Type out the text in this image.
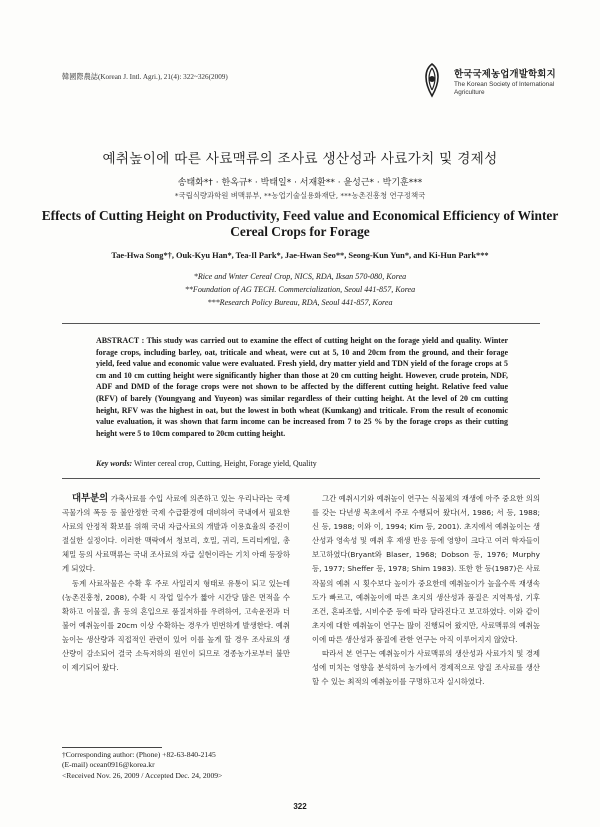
韓國際農誌(Korean J. Intl. Agri.), 21(4): 322~326(2009)	한국국제농업개발학회지
The Korean Society of International Agriculture
예취높이에 따른 사료맥류의 조사료 생산성과 사료가치 및 경제성
송태화*† · 한옥규* · 박태일* · 서재환** · 윤성근* · 박기훈***
*국립식량과학원 벼맥류부, **농업기술실용화재단, ***농촌진흥청 연구정책국
Effects of Cutting Height on Productivity, Feed value and Economical Efficiency of Winter Cereal Crops for Forage
Tae-Hwa Song*†, Ouk-Kyu Han*, Tea-Il Park*, Jae-Hwan Seo**, Seong-Kun Yun*, and Ki-Hun Park***
*Rice and Wnter Cereal Crop, NICS, RDA, Iksan 570-080, Korea
**Foundation of AG TECH. Commercialization, Seoul 441-857, Korea
***Research Policy Bureau, RDA, Seoul 441-857, Korea
ABSTRACT : This study was carried out to examine the effect of cutting height on the forage yield and quality. Winter forage crops, including barley, oat, triticale and wheat, were cut at 5, 10 and 20cm from the ground, and their forage yield, feed value and economic value were evaluated. Fresh yield, dry matter yield and TDN yield of the forage crops at 5 cm and 10 cm cutting height were significantly higher than those at 20 cm cutting height. However, crude protein, NDF, ADF and DMD of the forage crops were not shown to be affected by the different cutting height. Relative feed value (RFV) of barely (Youngyang and Yuyeon) was similar regardless of their cutting height. At the level of 20 cm cutting height, RFV was the highest in oat, but the lowest in both wheat (Kumkang) and triticale. From the result of economic value evaluation, it was shown that farm income can be increased from 7 to 25 % by the forage crops as their cutting height were 5 to 10cm compared to 20cm cutting height.
Key words: Winter cereal crop, Cutting, Height, Forage yield, Quality

대부분의 가축사료를 수입 사료에 의존하고 있는 우리나라는 국제 곡물가의 폭등 등 불안정한 국제 수급환경에 대비하여 국내에서 필요한 사료의 안정적 확보를 위해 국내 자급사료의 개발과 이용효율의 증진이 절실한 실정이다. 이러한 맥락에서 청보리, 호밀, 귀리, 트리티케일, 총체밀 등의 사료맥류는 국내 조사료의 자급 실현이라는 기치 아래 등장하게 되었다.

동계 사료작물은 수확 후 주로 사일리지 형태로 유통이 되고 있는데(농촌진흥청, 2008), 수확 시 작업 일수가 짧아 시간당 많은 면적을 수확하고 이물질, 흙 등의 혼입으로 품질저하를 우려하여, 고속운전과 더불어 예취높이를 20cm 이상 수확하는 경우가 빈번하게 발생한다. 예취높이는 생산량과 직접적인 관련이 있어 이를 높게 할 경우 조사료의 생산량이 감소되어 결국 소득저하의 원인이 되므로 경종농가로부터 불만이 제기되어 왔다.

그간 예취시기와 예취높이 연구는 식물체의 재생에 아주 중요한 의의를 갖는 다년생 목초에서 주로 수행되어 왔다(서, 1986; 서 등, 1988; 신 등, 1988; 이와 이, 1994; Kim 등, 2001). 초지에서 예취높이는 생산성과 영속성 및 예취 후 재생 반응 등에 영향이 크다고 여러 학자들이 보고하였다(Bryant와 Blaser, 1968; Dobson 등, 1976; Murphy 등, 1977; Sheffer 등, 1978; Shim 1983). 또한 한 등(1987)은 사료작물의 예취 시 횟수보다 높이가 중요한데 예취높이가 높을수록 재생속도가 빠르고, 예취높이에 따른 초지의 생산성과 품질은 지역특성, 기후조건, 혼파조합, 시비수준 등에 따라 달라진다고 보고하였다. 이와 같이 초지에 대한 예취높이 연구는 많이 진행되어 왔지만, 사료맥류의 예취높이에 따른 생산성과 품질에 관한 연구는 아직 이루어지지 않았다.

따라서 본 연구는 예취높이가 사료맥류의 생산성과 사료가치 및 경제성에 미치는 영향을 분석하여 농가에서 경제적으로 양질 조사료를 생산할 수 있는 최적의 예취높이를 구명하고자 실시하였다.

†Corresponding author: (Phone) +82-63-840-2145
(E-mail) ocean0916@korea.kr
<Received Nov. 26, 2009 / Accepted Dec. 24, 2009>
322
